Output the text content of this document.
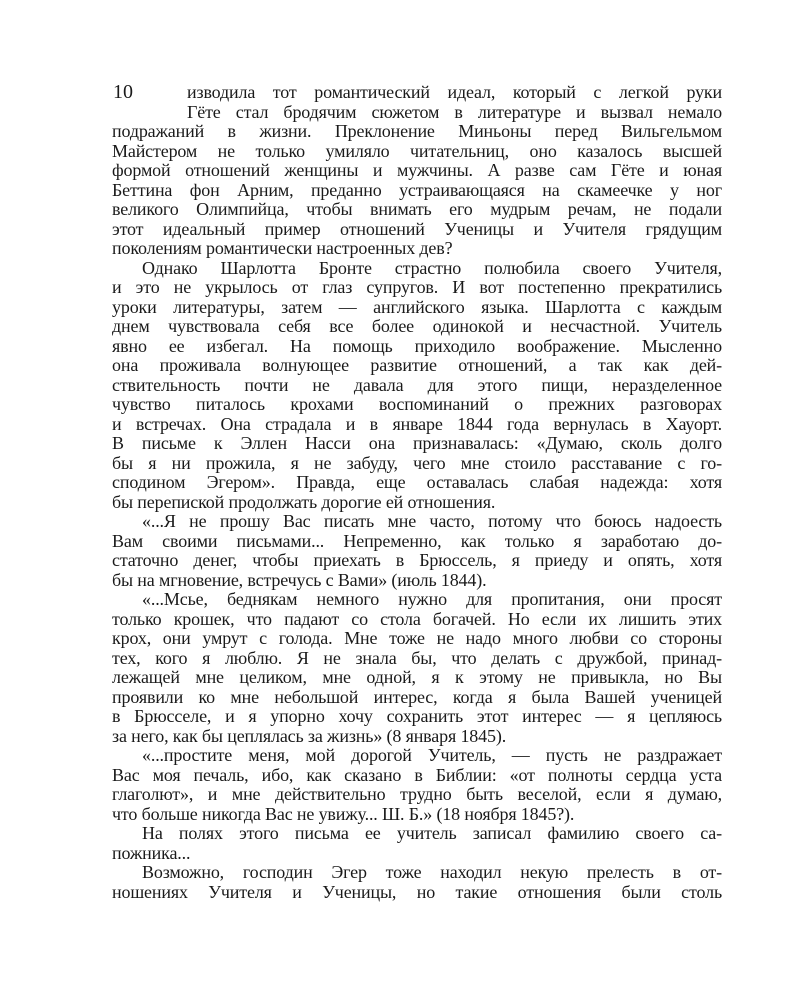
10	изводила тот романтический идеал, который с легкой руки
Гёте стал бродячим сюжетом в литературе и вызвал немало
подражаний в жизни. Преклонение Миньоны перед Вильгельмом
Майстером не только умиляло читательниц, оно казалось высшей
формой отношений женщины и мужчины. А разве сам Гёте и юная
Беттина фон Арним, преданно устраивающаяся на скамеечке у ног
великого Олимпийца, чтобы внимать его мудрым речам, не подали
этот идеальный пример отношений Ученицы и Учителя грядущим
поколениям романтически настроенных дев?
Однако Шарлотта Бронте страстно полюбила своего Учителя,
и это не укрылось от глаз супругов. И вот постепенно прекратились
уроки литературы, затем — английского языка. Шарлотта с каждым
днем чувствовала себя все более одинокой и несчастной. Учитель
явно ее избегал. На помощь приходило воображение. Мысленно
она проживала волнующее развитие отношений, а так как дей-
ствительность почти не давала для этого пищи, неразделенное
чувство питалось крохами воспоминаний о прежних разговорах
и встречах. Она страдала и в январе 1844 года вернулась в Хауорт.
В письме к Эллен Насси она признавалась: «Думаю, сколь долго
бы я ни прожила, я не забуду, чего мне стоило расставание с го-
сподином Эгером». Правда, еще оставалась слабая надежда: хотя
бы перепиской продолжать дорогие ей отношения.
«...Я не прошу Вас писать мне часто, потому что боюсь надоесть
Вам своими письмами... Непременно, как только я заработаю до-
статочно денег, чтобы приехать в Брюссель, я приеду и опять, хотя
бы на мгновение, встречусь с Вами» (июль 1844).
«...Мсье, беднякам немного нужно для пропитания, они просят
только крошек, что падают со стола богачей. Но если их лишить этих
крох, они умрут с голода. Мне тоже не надо много любви со стороны
тех, кого я люблю. Я не знала бы, что делать с дружбой, принад-
лежащей мне целиком, мне одной, я к этому не привыкла, но Вы
проявили ко мне небольшой интерес, когда я была Вашей ученицей
в Брюсселе, и я упорно хочу сохранить этот интерес — я цепляюсь
за него, как бы цеплялась за жизнь» (8 января 1845).
«...простите меня, мой дорогой Учитель, — пусть не раздражает
Вас моя печаль, ибо, как сказано в Библии: «от полноты сердца уста
глаголют», и мне действительно трудно быть веселой, если я думаю,
что больше никогда Вас не увижу... Ш. Б.» (18 ноября 1845?).
На полях этого письма ее учитель записал фамилию своего са-
пожника...
Возможно, господин Эгер тоже находил некую прелесть в от-
ношениях Учителя и Ученицы, но такие отношения были столь
